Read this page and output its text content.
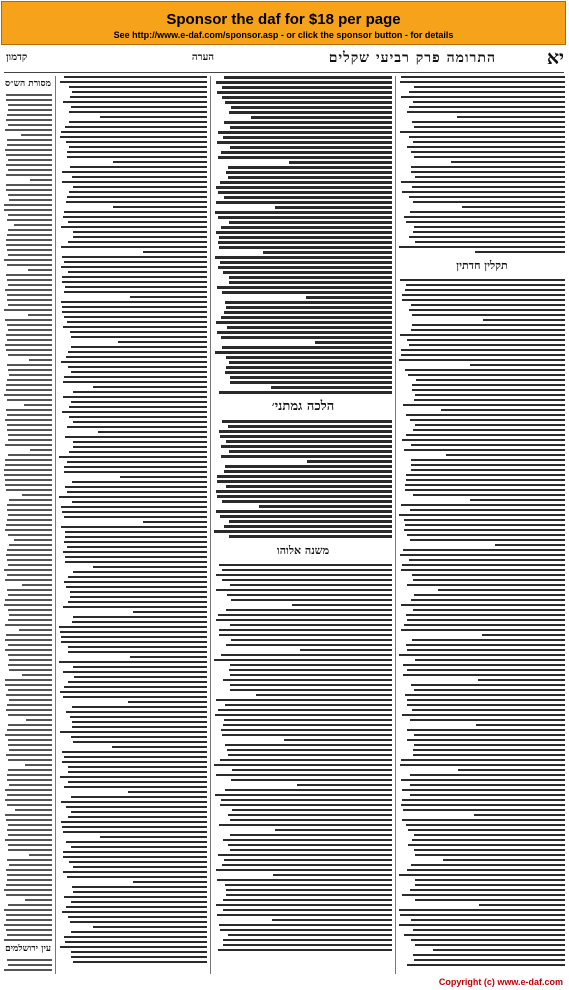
Sponsor the daf for $18 per page
See http://www.e-daf.com/sponsor.asp - or click the sponsor button - for details
יא
התרומה פרק רביעי שקלים
הערה
קדמון
מסורת הש״ס
עין ירושלמים
הלכה גמתני׳
משנה אלוהו
תקלין חדתין
Copyright (c) www.e-daf.com
